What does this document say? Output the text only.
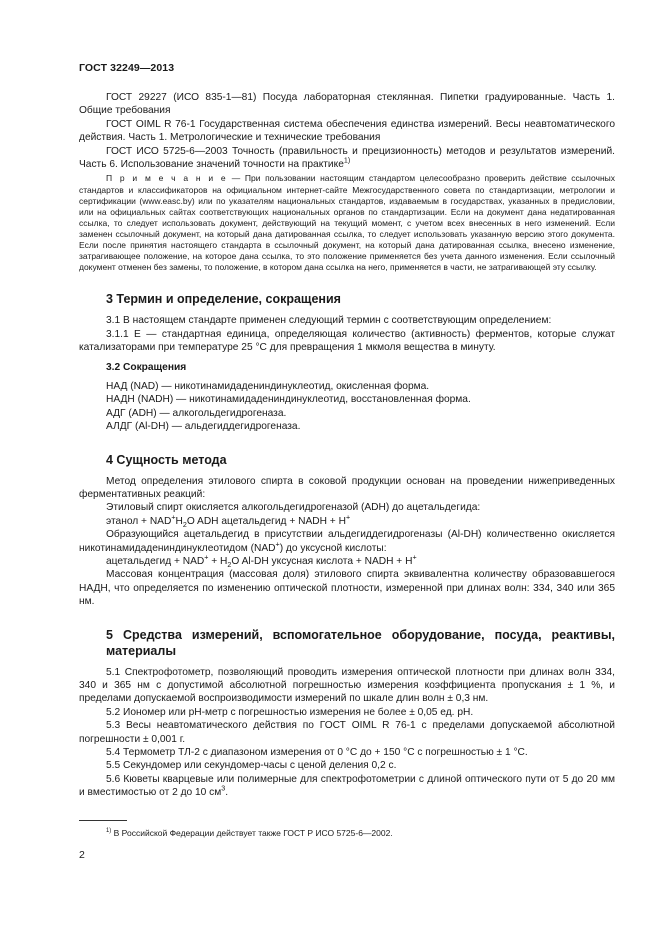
ГОСТ 32249—2013

ГОСТ 29227 (ИСО 835-1—81) Посуда лабораторная стеклянная. Пипетки градуированные. Часть 1. Общие требования

ГОСТ OIML R 76-1 Государственная система обеспечения единства измерений. Весы неавтоматического действия. Часть 1. Метрологические и технические требования

ГОСТ ИСО 5725-6—2003 Точность (правильность и прецизионность) методов и результатов измерений. Часть 6. Использование значений точности на практике$^{1)}$

П р и м е ч а н и е — При пользовании настоящим стандартом целесообразно проверить действие ссылочных стандартов и классификаторов на официальном интернет-сайте Межгосударственного совета по стандартизации, метрологии и сертификации (www.easc.by) или по указателям национальных стандартов, издаваемым в государствах, указанных в предисловии, или на официальных сайтах соответствующих национальных органов по стандартизации. Если на документ дана недатированная ссылка, то следует использовать документ, действующий на текущий момент, с учетом всех внесенных в него изменений. Если заменен ссылочный документ, на который дана датированная ссылка, то следует использовать указанную версию этого документа. Если после принятия настоящего стандарта в ссылочный документ, на который дана датированная ссылка, внесено изменение, затрагивающее положение, на которое дана ссылка, то это положение применяется без учета данного изменения. Если ссылочный документ отменен без замены, то положение, в котором дана ссылка на него, применяется в части, не затрагивающей эту ссылку.

3 Термин и определение, сокращения

3.1 В настоящем стандарте применен следующий термин с соответствующим определением:

3.1.1 Е — стандартная единица, определяющая количество (активность) ферментов, которые служат катализаторами при температуре 25 °С для превращения 1 мкмоля вещества в минуту.

3.2 Сокращения

НАД (NAD) — никотинамидадениндинуклеотид, окисленная форма.

НАДН (NADH) — никотинамидадениндинуклеотид, восстановленная форма.

АДГ (ADH) — алкогольдегидрогеназа.

АЛДГ (Al-DH) — альдегиддегидрогеназа.

4 Сущность метода

Метод определения этилового спирта в соковой продукции основан на проведении нижеприведенных ферментативных реакций:

Этиловый спирт окисляется алкогольдегидрогеназой (ADH) до ацетальдегида:

этанол + $NAD^+H_2O$ ADH ацетальдегид + NADH + H+

Образующийся ацетальдегид в присутствии альдегиддегидрогеназы (Al-DH) количественно окисляется никотинамидадениндинуклеотидом (NAD+) до уксусной кислоты:

ацетальдегид + $NAD^+ + H_2O$ Al-DH уксусная кислота + NADH + H+

Массовая концентрация (массовая доля) этилового спирта эквивалентна количеству образовавшегося НАДН, что определяется по изменению оптической плотности, измеренной при длинах волн: 334, 340 или 365 нм.

5 Средства измерений, вспомогательное оборудование, посуда, реактивы, материалы

5.1 Спектрофотометр, позволяющий проводить измерения оптической плотности при длинах волн 334, 340 и 365 нм с допустимой абсолютной погрешностью измерения коэффициента пропускания ± 1 %, и пределами допускаемой воспроизводимости измерений по шкале длин волн ± 0,3 нм.

5.2 Иономер или рН-метр с погрешностью измерения не более ± 0,05 ед. рН.

5.3 Весы неавтоматического действия по ГОСТ OIML R 76-1 с пределами допускаемой абсолютной погрешности ± 0,001 г.

5.4 Термометр ТЛ-2 с диапазоном измерения от 0 °С до + 150 °С с погрешностью ± 1 °С.

5.5 Секундомер или секундомер-часы с ценой деления 0,2 с.

5.6 Кюветы кварцевые или полимерные для спектрофотометрии с длиной оптического пути от 5 до 20 мм и вместимостью от 2 до 10 $см^3$.

$^{1)}$ В Российской Федерации действует также ГОСТ Р ИСО 5725-6—2002.
2
